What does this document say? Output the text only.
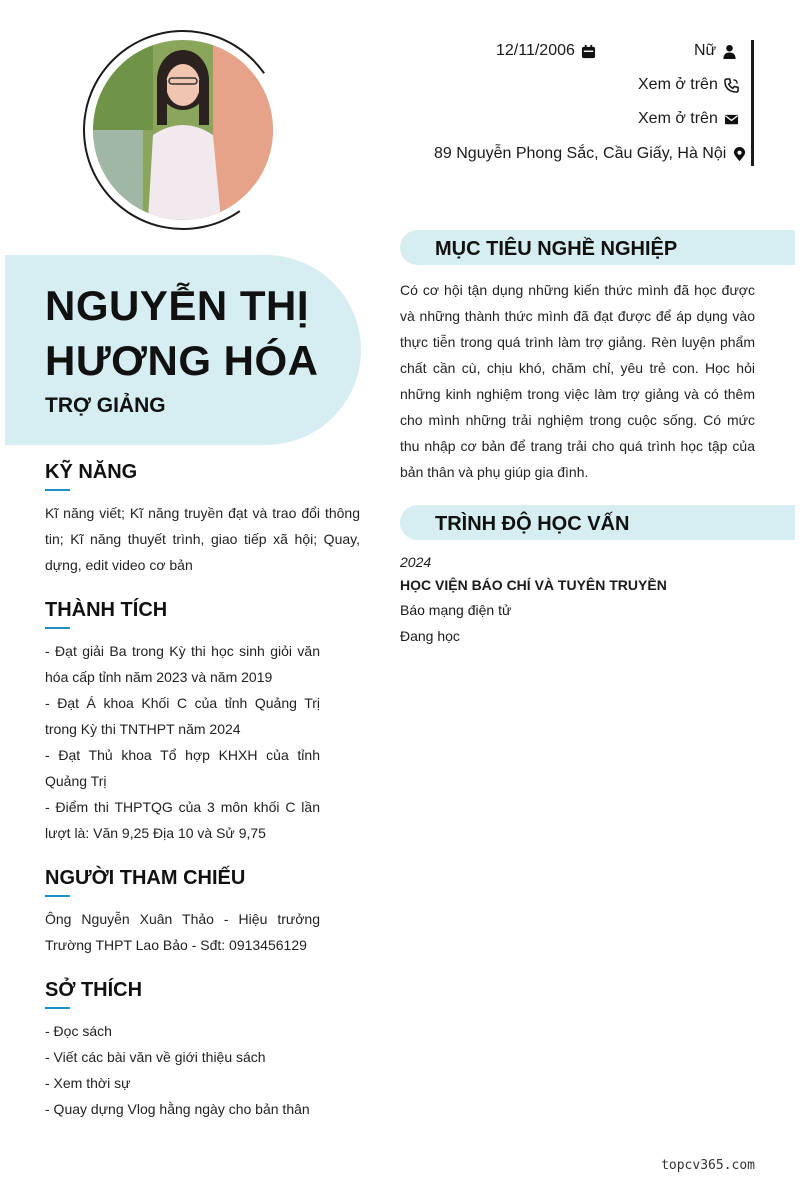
12/11/2006	Nữ
Xem ở trên
Xem ở trên
89 Nguyễn Phong Sắc, Cầu Giấy, Hà Nội
NGUYỄN THỊ
HƯƠNG HÓA
TRỢ GIẢNG
KỸ NĂNG
Kĩ năng viết; Kĩ năng truyền đạt và trao đổi thông tin; Kĩ năng thuyết trình, giao tiếp xã hội; Quay, dựng, edit video cơ bản
THÀNH TÍCH
- Đạt giải Ba trong Kỳ thi học sinh giỏi văn hóa cấp tỉnh năm 2023 và năm 2019
- Đạt Á khoa Khối C của tỉnh Quảng Trị trong Kỳ thi TNTHPT năm 2024
- Đạt Thủ khoa Tổ hợp KHXH của tỉnh Quảng Trị
- Điểm thi THPTQG của 3 môn khối C lần lượt là: Văn 9,25 Địa 10 và Sử 9,75
NGƯỜI THAM CHIẾU
Ông Nguyễn Xuân Thảo - Hiệu trưởng Trường THPT Lao Bảo - Sđt: 0913456129
SỞ THÍCH
- Đọc sách
- Viết các bài văn về giới thiệu sách
- Xem thời sự
- Quay dựng Vlog hằng ngày cho bản thân
MỤC TIÊU NGHỀ NGHIỆP
Có cơ hội tận dụng những kiến thức mình đã học được và những thành thức mình đã đạt được để áp dụng vào thực tiễn trong quá trình làm trợ giảng. Rèn luyện phẩm chất cần cù, chịu khó, chăm chỉ, yêu trẻ con. Học hỏi những kinh nghiệm trong việc làm trợ giảng và có thêm cho mình những trải nghiệm trong cuộc sống. Có mức thu nhập cơ bản để trang trải cho quá trình học tập của bản thân và phụ giúp gia đình.
TRÌNH ĐỘ HỌC VẤN
2024
HỌC VIỆN BÁO CHÍ VÀ TUYÊN TRUYỀN
Báo mạng điện tử
Đang học
topcv365.com
